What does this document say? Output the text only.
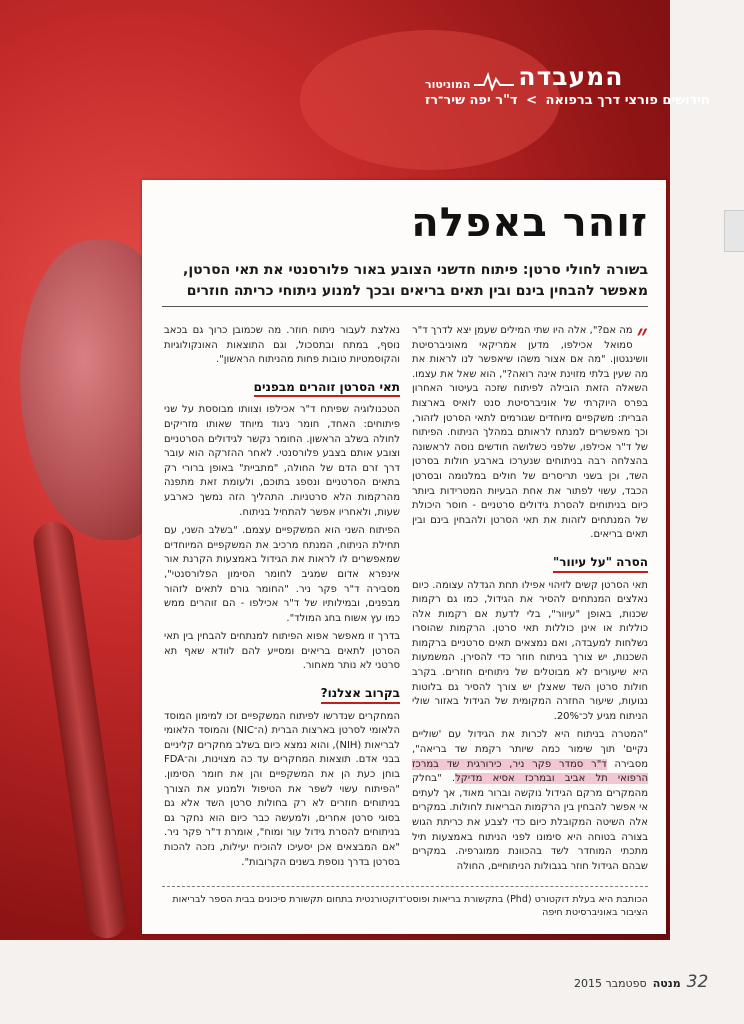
המעבדה
המוניטור
חידושים פורצי דרך ברפואה > ד"ר יפה שיר־רז
זוהר באפלה
בשורה לחולי סרטן: פיתוח חדשני הצובע באור פלורסנטי את תאי הסרטן, מאפשר להבחין בינם ובין תאים בריאים ובכך למנוע ניתוחי כריתה חוזרים

״
מה אם?", אלה היו שתי המילים שעמן יצא לדרך ד"ר סמואל אכילפו, מדען אמריקאי מאוניברסיטת וושינגטון. "מה אם אצור משהו שיאפשר לנו לראות את מה שעין בלתי מזוינת אינה רואה?", הוא שאל את עצמו. השאלה הזאת הובילה לפיתוח שזכה בעיטור האחרון בפרס היוקרתי של אוניברסיטת סנט לואיס בארצות הברית: משקפיים מיוחדים שגורמים לתאי הסרטן לזהור, וכך מאפשרים למנתח לראותם במהלך הניתוח. הפיתוח של ד"ר אכילפו, שלפני כשלושה חודשים נוסה לראשונה בהצלחה רבה בניתוחים שנערכו בארבע חולות בסרטן השד, וכן בשני תריסרים של חולים במלנומה ובסרטן הכבד, עשוי לפתור את אחת הבעיות המטרידות ביותר כיום בניתוחים להסרת גידולים סרטניים - חוסר היכולת של המנתחים לזהות את תאי הסרטן ולהבחין בינם ובין תאים בריאים.

הסרה "על עיוור"

תאי הסרטן קשים לזיהוי אפילו תחת הגדלה עצומה. כיום נאלצים המנתחים להסיר את הגידול, כמו גם רקמות שכנות, באופן "עיוור", בלי לדעת אם רקמות אלה כוללות או אינן כוללות תאי סרטן. הרקמות שהוסרו נשלחות למעבדה, ואם נמצאים תאים סרטניים ברקמות השכנות, יש צורך בניתוח חוזר כדי להסירן. המשמעות היא שיעורים לא מבוטלים של ניתוחים חוזרים. בקרב חולות סרטן השד שאצלן יש צורך להסיר גם בלוטות נגועות, שיעור החזרה המקומית של הגידול באזור שולי הניתוח מגיע לכ־20%.

"המטרה בניתוח היא לכרות את הגידול עם 'שוליים נקיים' תוך שימור כמה שיותר רקמת שד בריאה", מסבירה ד"ר סמדר פקר ניר, כירורגית שד במרכז הרפואי תל אביב ובמרכז אסיא מדיקל. "בחלק מהמקרים מרקם הגידול נוקשה וברור מאוד, אך לעתים אי אפשר להבחין בין הרקמות הבריאות לחולות. במקרים אלה השיטה המקובלת כיום כדי לצבע את כריתת הגוש בצורה בטוחה היא סימונו לפני הניתוח באמצעות תיל מתכתי המוחדר לשד בהכוונת ממוגרפיה. במקרים שבהם הגידול חוזר בגבולות הניתוחיים, החולה

נאלצת לעבור ניתוח חוזר. מה שכמובן כרוך גם בכאב נוסף, במתח ובתסכול, וגם התוצאות האונקולוגיות והקוסמטיות טובות פחות מהניתוח הראשון".

תאי הסרטן זוהרים מבפנים

הטכנולוגיה שפיתח ד"ר אכילפו וצוותו מבוססת על שני פיתוחים: האחד, חומר ניגוד מיוחד שאותו מזריקים לחולה בשלב הראשון. החומר נקשר לגידולים הסרטניים וצובע אותם בצבע פלורסנטי. לאחר ההזרקה הוא עובר דרך זרם הדם של החולה, "מתביית" באופן ברורי רק בתאים הסרטניים ונספג בתוכם, ולעומת זאת מתפנה מהרקמות הלא סרטניות. התהליך הזה נמשך כארבע שעות, ולאחריו אפשר להתחיל בניתוח.

הפיתוח השני הוא המשקפיים עצמם. "בשלב השני, עם תחילת הניתוח, המנתח מרכיב את המשקפיים המיוחדים שמאפשרים לו לראות את הגידול באמצעות הקרנת אור אינפרא אדום שמגיב לחומר הסימון הפלורסנטי", מסבירה ד"ר פקר ניר. "החומר גורם לתאים לזהור מבפנים, ובמילותיו של ד"ר אכילפו - הם זוהרים ממש כמו עץ אשוח בחג המולד".

בדרך זו מאפשר אפוא הפיתוח למנתחים להבחין בין תאי הסרטן לתאים בריאים ומסייע להם לוודא שאף תא סרטני לא נותר מאחור.

בקרוב אצלנו?

המחקרים שנדרשו לפיתוח המשקפיים זכו למימון המוסד הלאומי לסרטן בארצות הברית (ה־NIC) והמוסד הלאומי לבריאות (NIH), והוא נמצא כיום בשלב מחקרים קליניים בבני אדם. תוצאות המחקרים עד כה מצוינות, וה־FDA בוחן כעת הן את המשקפיים והן את חומר הסימון. "הפיתוח עשוי לשפר את הטיפול ולמנוע את הצורך בניתוחים חוזרים לא רק בחולות סרטן השד אלא גם בסוגי סרטן אחרים, ולמעשה כבר כיום הוא נחקר גם בניתוחים להסרת גידול עור ומוח", אומרת ד"ר פקר ניר. "אם המבצאים אכן יסעיכו להוכיח יעילות, נזכה להכות בסרטן בדרך נוספת בשנים הקרובות".

הכותבת היא בעלת דוקטורט (Phd) בתקשורת בריאות ופוסט־דוקטורנטית בתחום תקשורת סיכונים בבית הספר לבריאות הציבור באוניברסיטת חיפה
32
מנטה
ספטמבר 2015
